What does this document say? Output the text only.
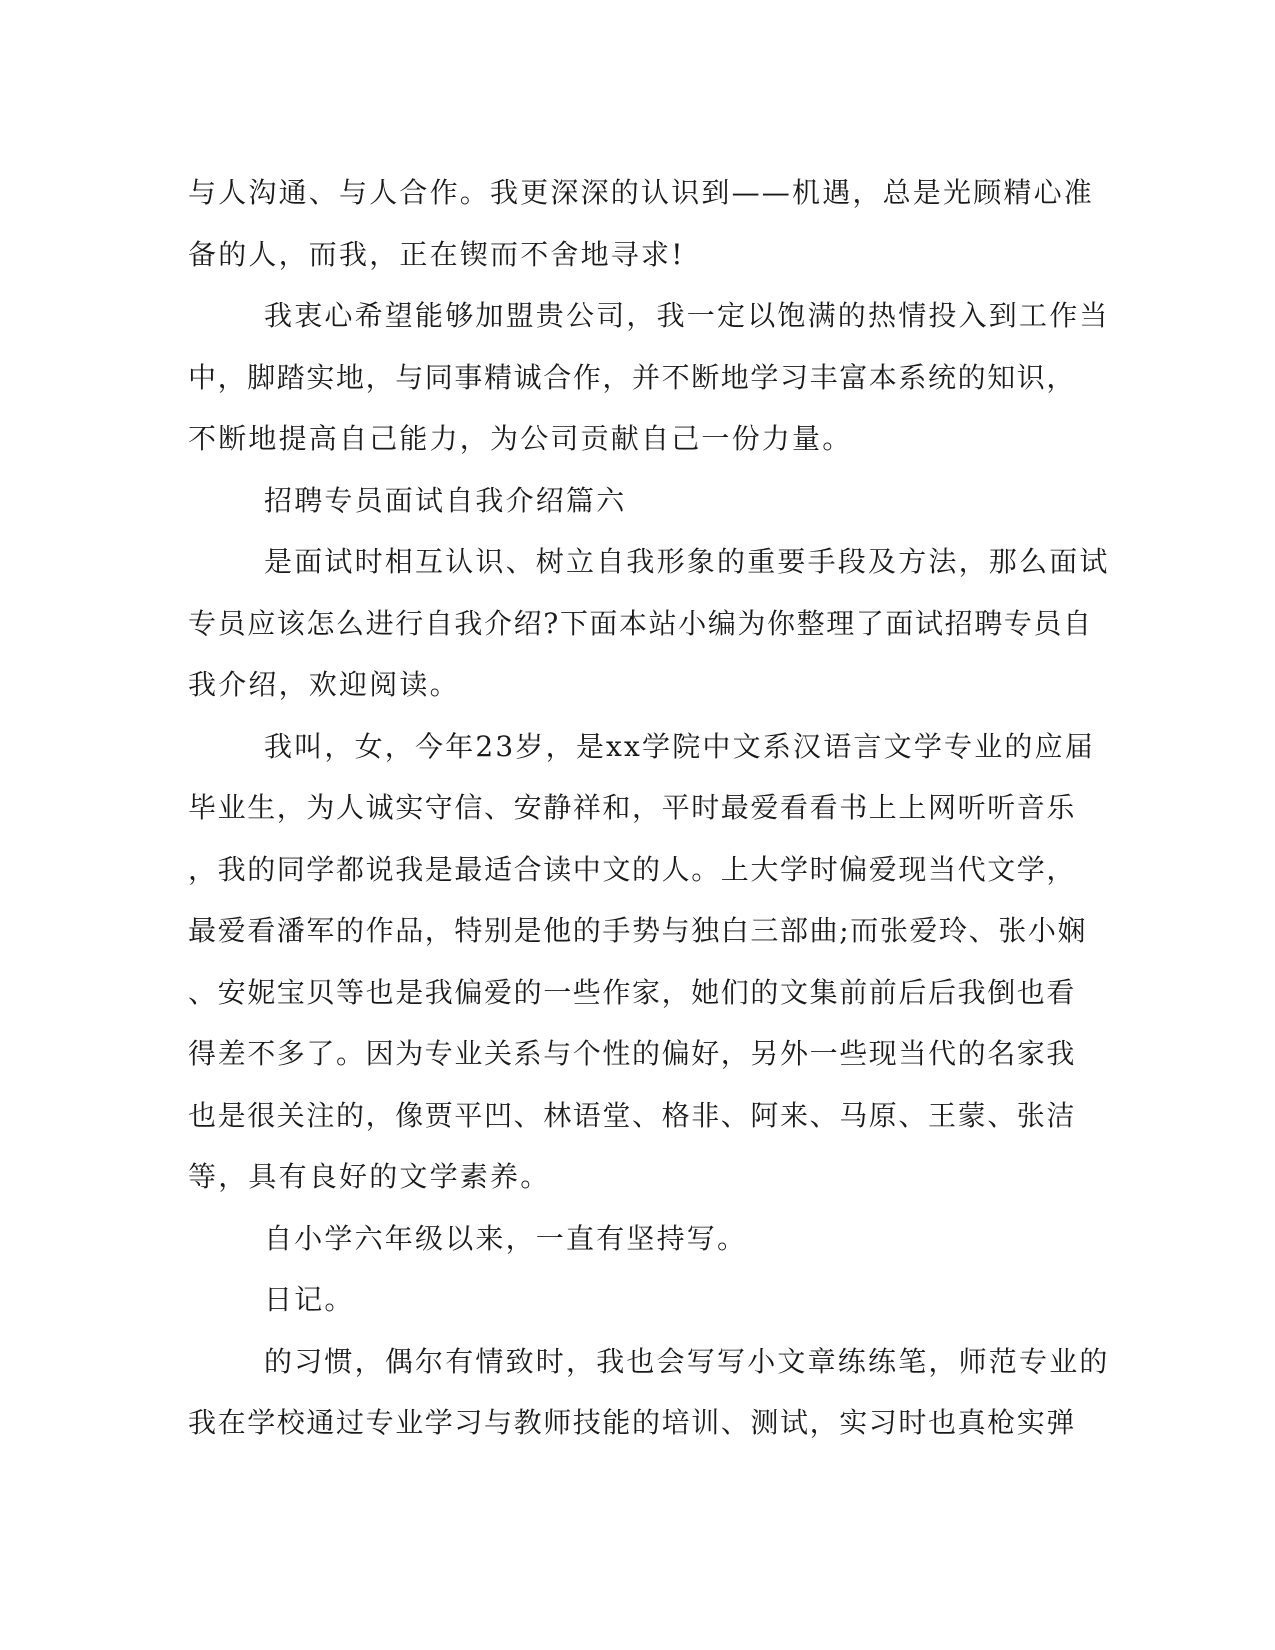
与人沟通、与人合作。我更深深的认识到——机遇，总是光顾精心准
备的人，而我，正在锲而不舍地寻求!
我衷心希望能够加盟贵公司，我一定以饱满的热情投入到工作当
中，脚踏实地，与同事精诚合作，并不断地学习丰富本系统的知识，
不断地提高自己能力，为公司贡献自己一份力量。
招聘专员面试自我介绍篇六
是面试时相互认识、树立自我形象的重要手段及方法，那么面试
专员应该怎么进行自我介绍?下面本站小编为你整理了面试招聘专员自
我介绍，欢迎阅读。
我叫，女，今年23岁，是xx学院中文系汉语言文学专业的应届
毕业生，为人诚实守信、安静祥和，平时最爱看看书上上网听听音乐
，我的同学都说我是最适合读中文的人。上大学时偏爱现当代文学，
最爱看潘军的作品，特别是他的手势与独白三部曲;而张爱玲、张小娴
、安妮宝贝等也是我偏爱的一些作家，她们的文集前前后后我倒也看
得差不多了。因为专业关系与个性的偏好，另外一些现当代的名家我
也是很关注的，像贾平凹、林语堂、格非、阿来、马原、王蒙、张洁
等，具有良好的文学素养。
自小学六年级以来，一直有坚持写。
日记。
的习惯，偶尔有情致时，我也会写写小文章练练笔，师范专业的
我在学校通过专业学习与教师技能的培训、测试，实习时也真枪实弹
